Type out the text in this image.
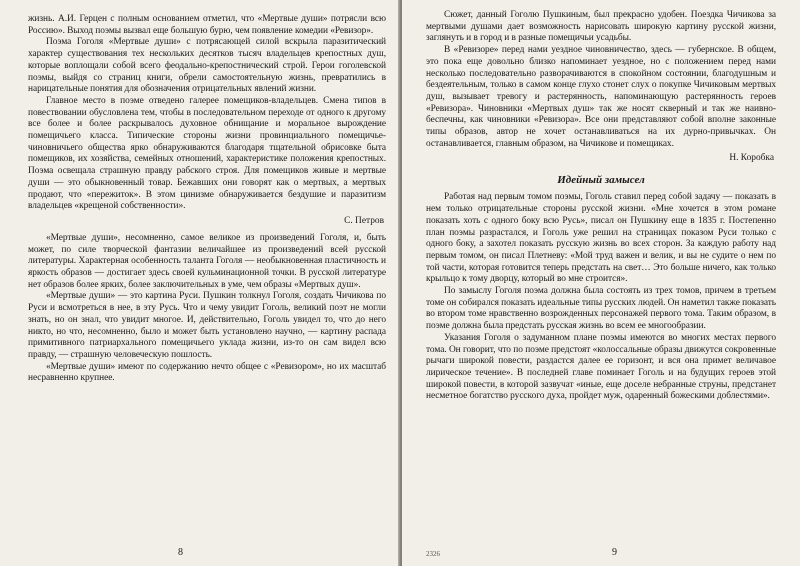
жизнь. А.И. Герцен с полным основанием отметил, что «Мертвые души» потрясли всю Россию». Выход поэмы вызвал еще большую бурю, чем появление комедии «Ревизор».

Поэма Гоголя «Мертвые души» с потрясающей силой вскрыла паразитический характер существования тех нескольких десятков тысяч владельцев крепостных душ, которые воплощали собой всего феодально-крепостнический строй. Герои гоголевской поэмы, выйдя со страниц книги, обрели самостоятельную жизнь, превратились в нарицательные понятия для обозначения отрицательных явлений жизни.

Главное место в поэме отведено галерее помещиков-владельцев. Смена типов в повествовании обусловлена тем, чтобы в последовательном переходе от одного к другому все более и более раскрывалось духовное обнищание и моральное вырождение помещичьего класса. Типические стороны жизни провинциального помещичье-чиновничьего общества ярко обнаруживаются благодаря тщательной обрисовке быта помещиков, их хозяйства, семейных отношений, характеристике положения крепостных. Поэма освещала страшную правду рабского строя. Для помещиков живые и мертвые души — это обыкновенный товар. Бежавших они говорят как о мертвых, а мертвых продают, что «пережиток». В этом цинизме обнаруживается бездушие и паразитизм владельцев «крещеной собственности».

С. Петров

«Мертвые души», несомненно, самое великое из произведений Гоголя, и, быть может, по силе творческой фантазии величайшее из произведений всей русской литературы. Характерная особенность таланта Гоголя — необыкновенная пластичность и яркость образов — достигает здесь своей кульминационной точки. В русской литературе нет образов более ярких, более заключительных в уме, чем образы «Мертвых душ».

«Мертвые души» — это картина Руси. Пушкин толкнул Гоголя, создать Чичикова по Руси и всмотреться в нее, в эту Русь. Что и чему увидит Гоголь, великий поэт не могли знать, но он знал, что увидит многое. И, действительно, Гоголь увидел то, что до него никто, но что, несомненно, было и может быть установлено научно, — картину распада примитивного патриархального помещичьего уклада жизни, из-то он сам видел всю правду, — страшную человеческую пошлость.

«Мертвые души» имеют по содержанию нечто общее с «Ревизором», но их масштаб несравненно крупнее.

8

Сюжет, данный Гоголю Пушкиным, был прекрасно удобен. Поездка Чичикова за мертвыми душами дает возможность нарисовать широкую картину русской жизни, заглянуть и в город и в разные помещичьи усадьбы.

В «Ревизоре» перед нами уездное чиновничество, здесь — губернское. В общем, это пока еще довольно близко напоминает уездное, но с положением перед нами несколько последовательно разворачиваются в спокойном состоянии, благодушным и бездеятельным, только в самом конце глухо стонет слух о покупке Чичиковым мертвых душ, вызывает тревогу и растерянность, напоминающую растерянность героев «Ревизора». Чиновники «Мертвых душ» так же носят скверный и так же наивно-беспечны, как чиновники «Ревизора». Все они представляют собой вполне законные типы образов, автор не хочет останавливаться на их дурно-привычках. Он останавливается, главным образом, на Чичикове и помещиках.

Н. Коробка
Идейный замысел

Работая над первым томом поэмы, Гоголь ставил перед собой задачу — показать в нем только отрицательные стороны русской жизни. «Мне хочется в этом романе показать хоть с одного боку всю Русь», писал он Пушкину еще в 1835 г. Постепенно план поэмы разрастался, и Гоголь уже решил на страницах показом Руси только с одного боку, а захотел показать русскую жизнь во всех сторон. За каждую работу над первым томом, он писал Плетневу: «Мой труд важен и велик, и вы не судите о нем по той части, которая готовится теперь предстать на свет… Это больше ничего, как только крыльцо к тому дворцу, который во мне строится».

По замыслу Гоголя поэма должна была состоять из трех томов, причем в третьем томе он собирался показать идеальные типы русских людей. Он наметил также показать во втором томе нравственно возрожденных персонажей первого тома. Таким образом, в поэме должна была предстать русская жизнь во всем ее многообразии.

Указания Гоголя о задуманном плане поэмы имеются во многих местах первого тома. Он говорит, что по поэме предстоят «колоссальные образы движутся сокровенные рычаги широкой повести, раздастся далее ее горизонт, и вся она примет величавое лирическое течение». В последней главе поминает Гоголь и на будущих героев этой широкой повести, в которой зазвучат «иные, еще доселе небранные струны, предстанет несметное богатство русского духа, пройдет муж, одаренный божескими доблестями».

2326	9
